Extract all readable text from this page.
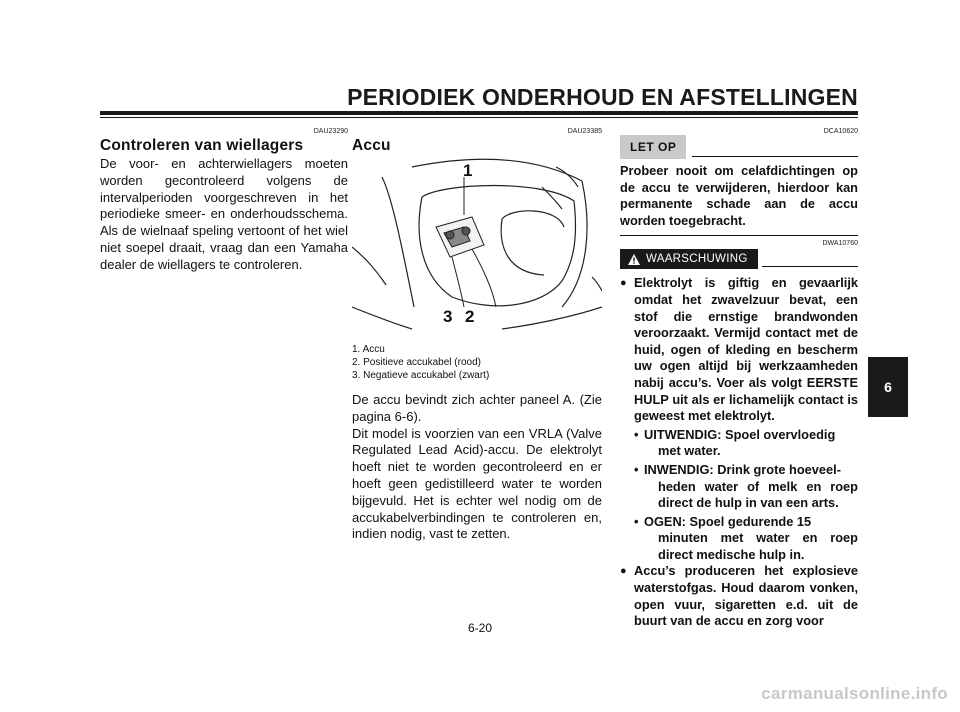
PERIODIEK ONDERHOUD EN AFSTELLINGEN
6
DAU23290
Controleren van wiellagers

De voor- en achterwiellagers moeten worden gecontroleerd volgens de intervalperioden voorgeschreven in het periodieke smeer- en onderhoudsschema. Als de wielnaaf speling vertoont of het wiel niet soepel draait, vraag dan een Yamaha dealer de wiellagers te controleren.

DAU23385
Accu
1
2
3
1. Accu
2. Positieve accukabel (rood)
3. Negatieve accukabel (zwart)

De accu bevindt zich achter paneel A. (Zie pagina 6-6).

Dit model is voorzien van een VRLA (Valve Regulated Lead Acid)-accu. De elektrolyt hoeft niet te worden gecontroleerd en er hoeft geen gedistilleerd water te worden bijgevuld. Het is echter wel nodig om de accukabelverbindingen te controleren en, indien nodig, vast te zetten.

DCA10620
LET OP
Probeer nooit om celafdichtingen op de accu te verwijderen, hierdoor kan permanente schade aan de accu worden toegebracht.
DWA10760
WAARSCHUWING
● Elektrolyt is giftig en gevaarlijk omdat het zwavelzuur bevat, een stof die ernstige brandwonden veroorzaakt. Vermijd contact met de huid, ogen of kleding en bescherm uw ogen altijd bij werkzaamheden nabij accu’s. Voer als volgt EERSTE HULP uit als er lichamelijk contact is geweest met elektrolyt.
• UITWENDIG: Spoel overvloedig
met water.
• INWENDIG: Drink grote hoeveel-
heden water of melk en roep direct de hulp in van een arts.
• OGEN: Spoel gedurende 15
minuten met water en roep direct medische hulp in.
● Accu’s produceren het explosieve waterstofgas. Houd daarom vonken, open vuur, sigaretten e.d. uit de buurt van de accu en zorg voor
6-20
carmanualsonline.info
